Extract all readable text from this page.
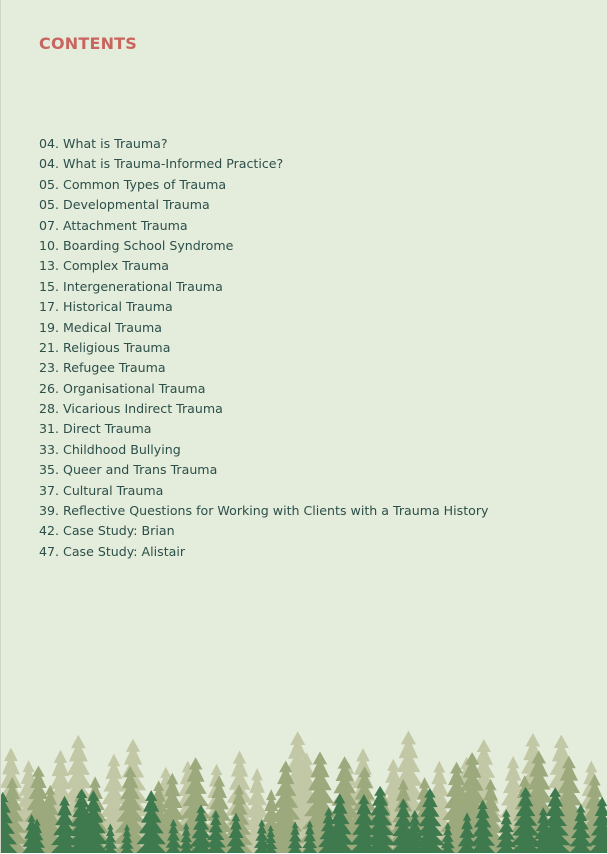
CONTENTS
04. What is Trauma?
04. What is Trauma-Informed Practice?
05. Common Types of Trauma
05. Developmental Trauma
07. Attachment Trauma
10. Boarding School Syndrome
13. Complex Trauma
15. Intergenerational Trauma
17. Historical Trauma
19. Medical Trauma
21. Religious Trauma
23. Refugee Trauma
26. Organisational Trauma
28. Vicarious Indirect Trauma
31. Direct Trauma
33. Childhood Bullying
35. Queer and Trans Trauma
37. Cultural Trauma
39. Reflective Questions for Working with Clients with a Trauma History
42. Case Study: Brian
47. Case Study: Alistair
